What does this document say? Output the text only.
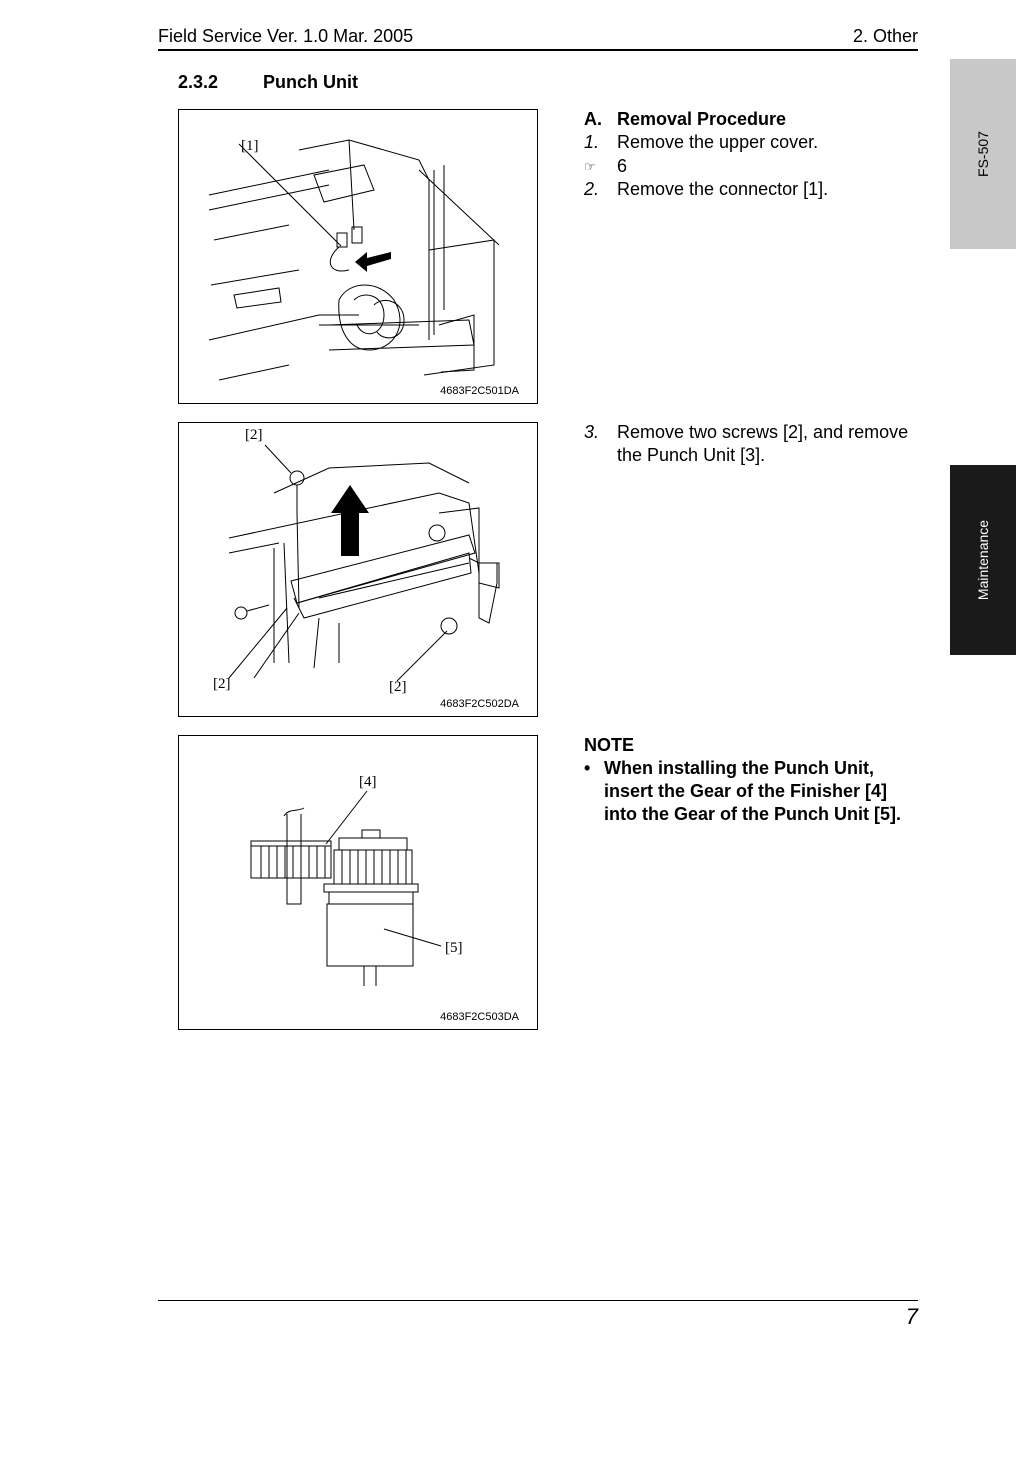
Field Service Ver. 1.0 Mar. 2005	2. Other
2.3.2 Punch Unit
[1]
4683F2C501DA
[2]
[2]	[2]
4683F2C502DA
[4]
[5]
4683F2C503DA
A. Removal Procedure
1. Remove the upper cover.
☞ 6
2. Remove the connector [1].
3. Remove two screws [2], and remove
the Punch Unit [3].
NOTE
• When installing the Punch Unit,
insert the Gear of the Finisher [4]
into the Gear of the Punch Unit [5].
FS-507
Maintenance
7
